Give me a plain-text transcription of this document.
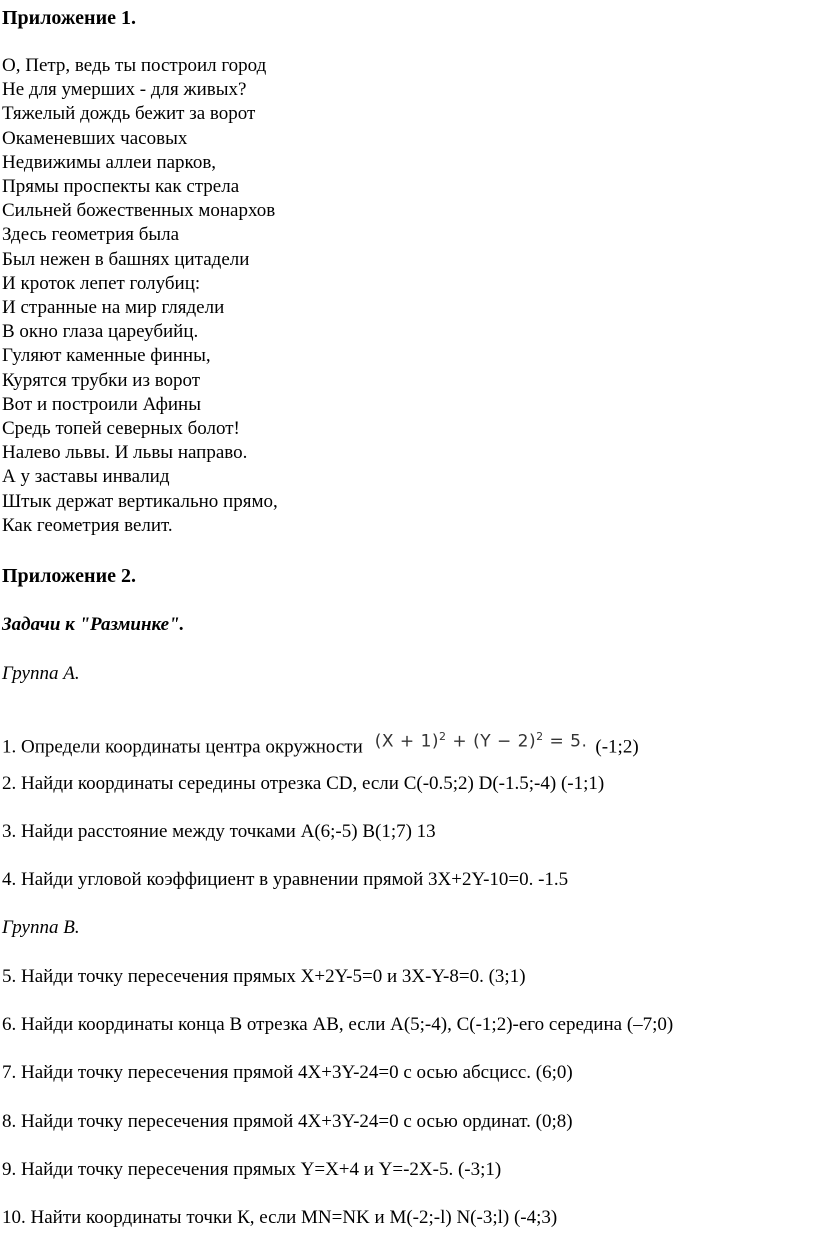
Приложение 1.
О, Петр, ведь ты построил город
Не для умерших - для живых?
Тяжелый дождь бежит за ворот
Окаменевших часовых
Недвижимы аллеи парков,
Прямы проспекты как стрела
Сильней божественных монархов
Здесь геометрия была
Был нежен в башнях цитадели
И кроток лепет голубиц:
И странные на мир глядели
В окно глаза цареубийц.
Гуляют каменные финны,
Курятся трубки из ворот
Вот и построили Афины
Средь топей северных болот!
Налево львы. И львы направо.
А у заставы инвалид
Штык держат вертикально прямо,
Как геометрия велит.
Приложение 2.
Задачи к "Разминке".
Группа А.
1. Определи координаты центра окружности $(X + 1)^2 + (Y - 2)^2 = 5$. (-1;2)
2. Найди координаты середины отрезка CD, если C(-0.5;2) D(-1.5;-4) (-1;1)
3. Найди расстояние между точками А(6;-5) В(1;7) 13
4. Найди угловой коэффициент в уравнении прямой 3X+2Y-10=0. -1.5
Группа В.
5. Найди точку пересечения прямых Х+2Y-5=0 и 3Х-Y-8=0. (3;1)
6. Найди координаты конца В отрезка АВ, если А(5;-4), С(-1;2)-его середина (–7;0)
7. Найди точку пересечения прямой 4Х+3Y-24=0 с осью абсцисс. (6;0)
8. Найди точку пересечения прямой 4Х+3Y-24=0 с осью ординат. (0;8)
9. Найди точку пересечения прямых Y=X+4 и Y=-2X-5. (-3;1)
10. Найти координаты точки К, если MN=NK и M(-2;-l) N(-3;l) (-4;3)
